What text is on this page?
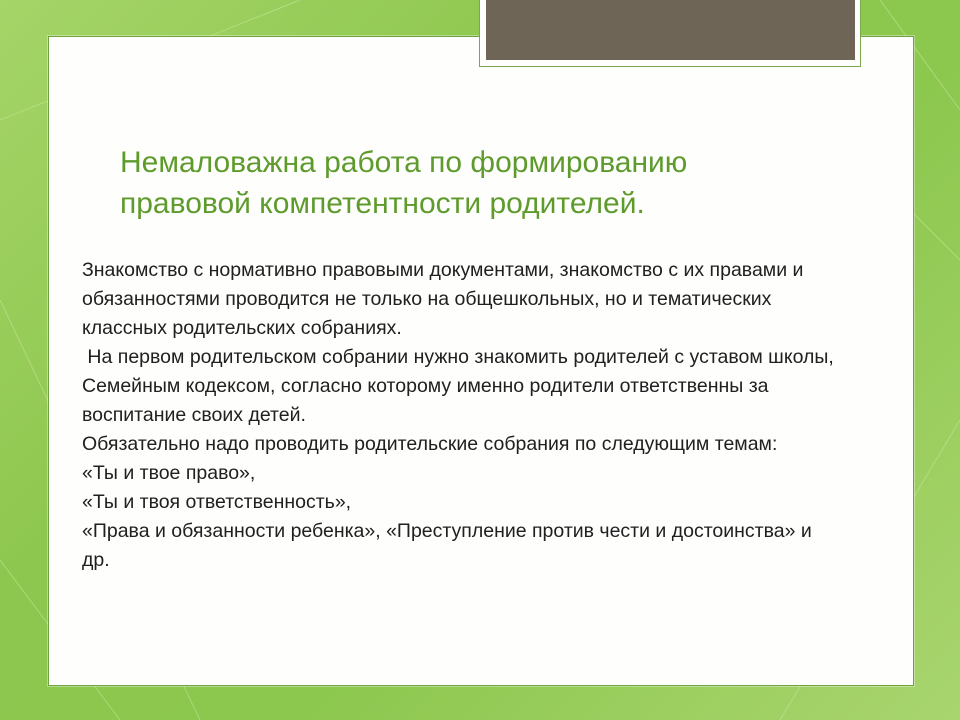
Немаловажна работа по формированию
правовой компетентности родителей.

Знакомство с нормативно правовыми документами, знакомство с их правами и обязанностями проводится не только на общешкольных, но и тематических классных родительских собраниях.

На первом родительском собрании нужно знакомить родителей с уставом школы, Семейным кодексом, согласно которому именно родители ответственны за воспитание своих детей.

Обязательно надо проводить родительские собрания по следующим темам:

«Ты и твое право»,

«Ты и твоя ответственность»,

«Права и обязанности ребенка», «Преступление против чести и достоинства» и др.
